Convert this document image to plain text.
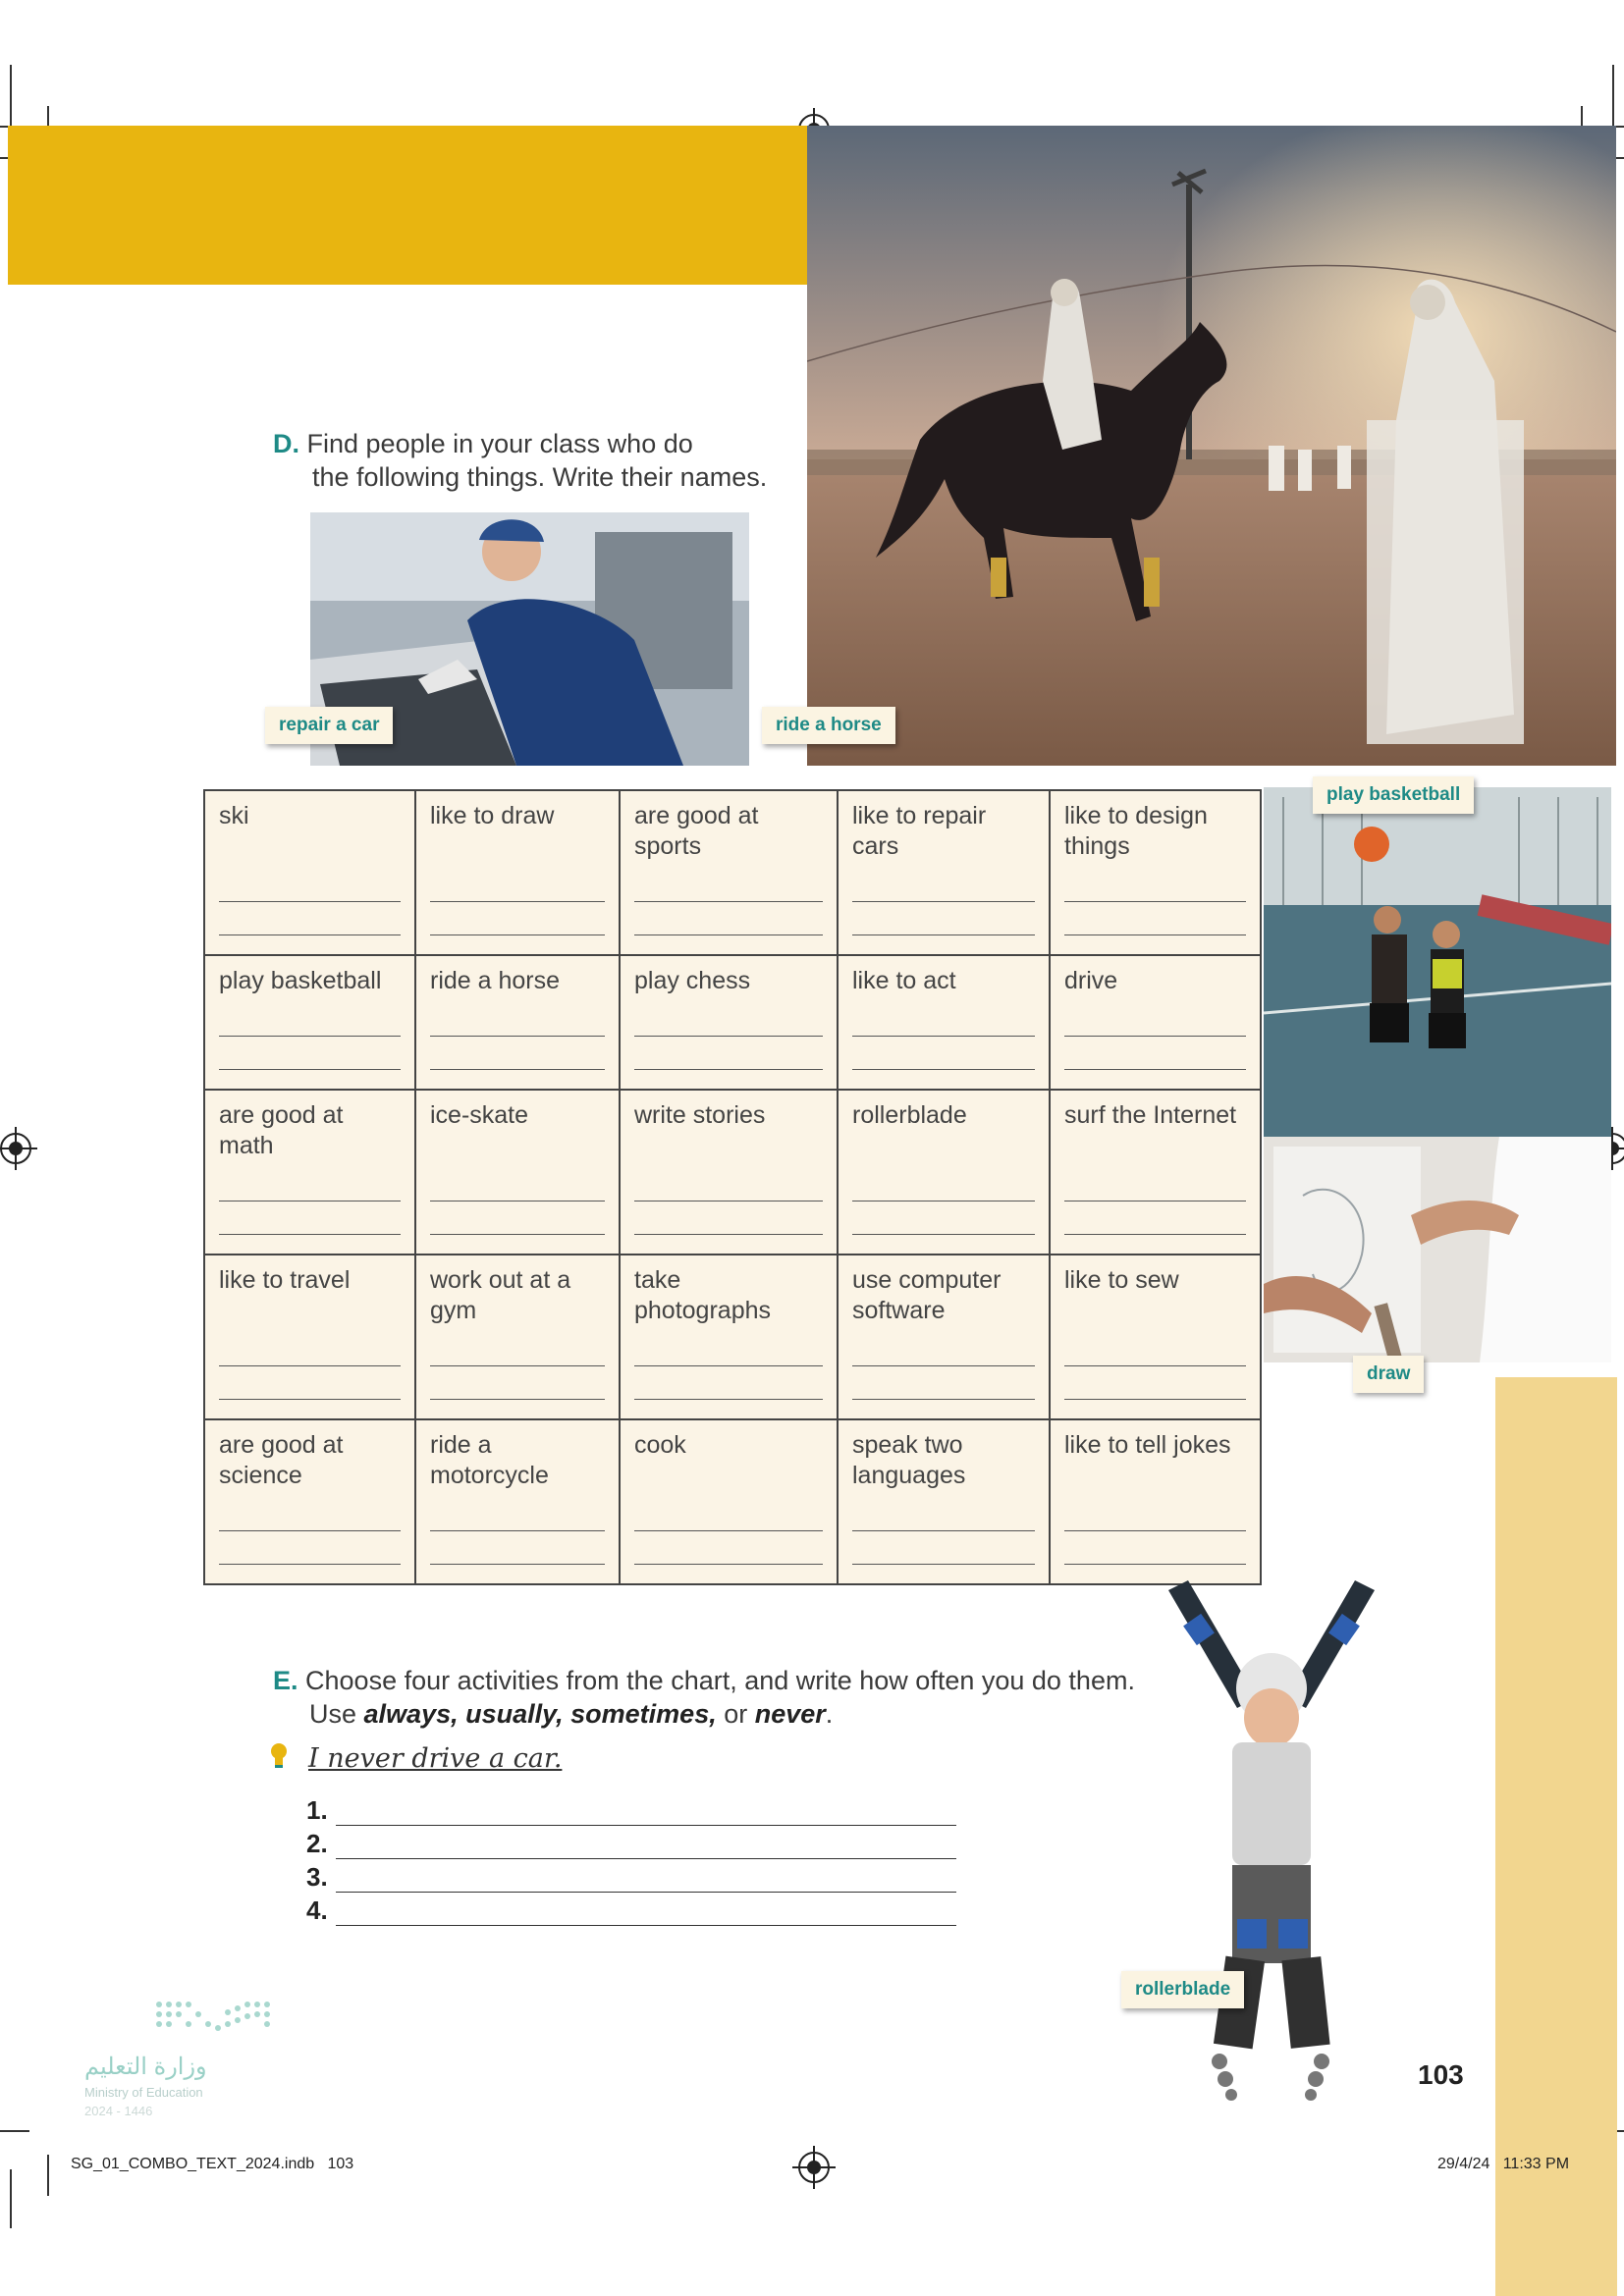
D. Find people in your class who do
the following things. Write their names.
repair a car	ride a horse
ski	like to draw	are good at sports	like to repair cars	like to design things

play basketball	ride a horse	play chess	like to act	drive

are good at math	ice-skate	write stories	rollerblade	surf the Internet

like to travel	work out at a gym	take photographs	use computer software	like to sew

are good at science	ride a motorcycle	cook	speak two languages	like to tell jokes
play basketball
draw
E. Choose four activities from the chart, and write how often you do them.
Use always, usually, sometimes, or never.
I never drive a car.
1.
2.
3.
4.
rollerblade
وزارة التعليم
Ministry of Education
2024 - 1446
103
SG_01_COMBO_TEXT_2024.indb   103	29/4/24   11:33 PM
